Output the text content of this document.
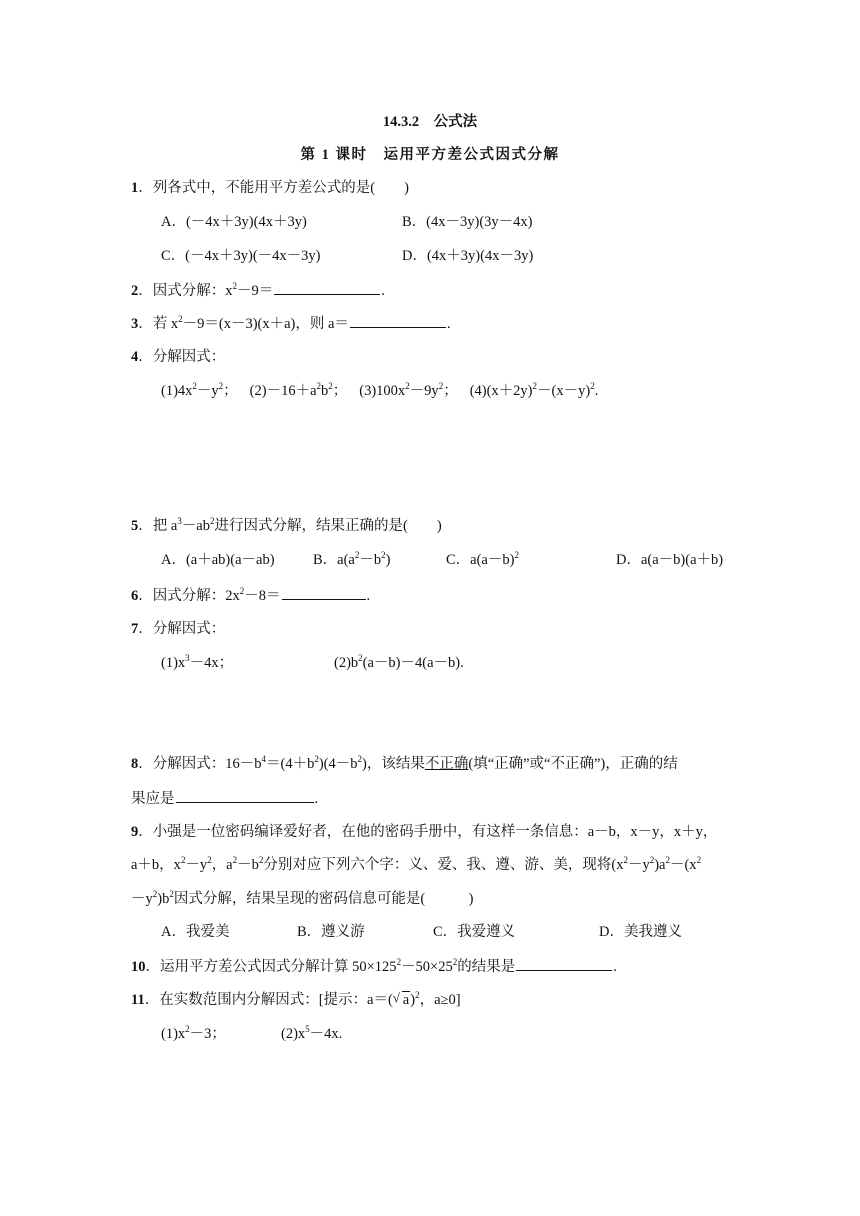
14.3.2　公式法
第 1 课时　运用平方差公式因式分解
1．列各式中，不能用平方差公式的是(　　)
A．(－4x＋3y)(4x＋3y)	B．(4x－3y)(3y－4x)
C．(－4x＋3y)(－4x－3y)	D．(4x＋3y)(4x－3y)
2．因式分解：$x^2-9=$	.
3．若 $x^2-9=(x-3)(x+a)$，则 a＝	.
4．分解因式：
$(1)4x^2-y^2$； $(2)-16+a^2b^2$； $(3)100x^2-9y^2$； $(4)(x+2y)^2-(x-y)^2$.
5．把 $a^3-ab^2$进行因式分解，结果正确的是(　　)
A．(a＋ab)(a－ab)	B．$a(a^2-b^2)$	C．$a(a-b)^2$	D．a(a－b)(a＋b)
6．因式分解：$2x^2-8=$	.
7．分解因式：
$(1)x^3-4x$；	$(2)b^2(a-b)-4(a-b)$.
8．分解因式：$16-b^4=(4+b^2)(4-b^2)$，该结果不正确(填“正确”或“不正确”)，正确的结
果应是	.
9．小强是一位密码编译爱好者，在他的密码手册中，有这样一条信息：a－b，x－y，x＋y，
a＋b，$x^2-y^2$，$a^2-b^2$分别对应下列六个字：义、爱、我、遵、游、美，现将$(x^2-y^2)a^2-(x^2$
$-y^2)b^2$因式分解，结果呈现的密码信息可能是(　　　)
A．我爱美	B．遵义游	C．我爱遵义	D．美我遵义
10．运用平方差公式因式分解计算 $50\times 125^2-50\times 25^2$的结果是	.
11．在实数范围内分解因式：[提示：a＝( √ a)$^2$，a≥0]
$(1)x^2-3$；	$(2)x^5-4x$.
